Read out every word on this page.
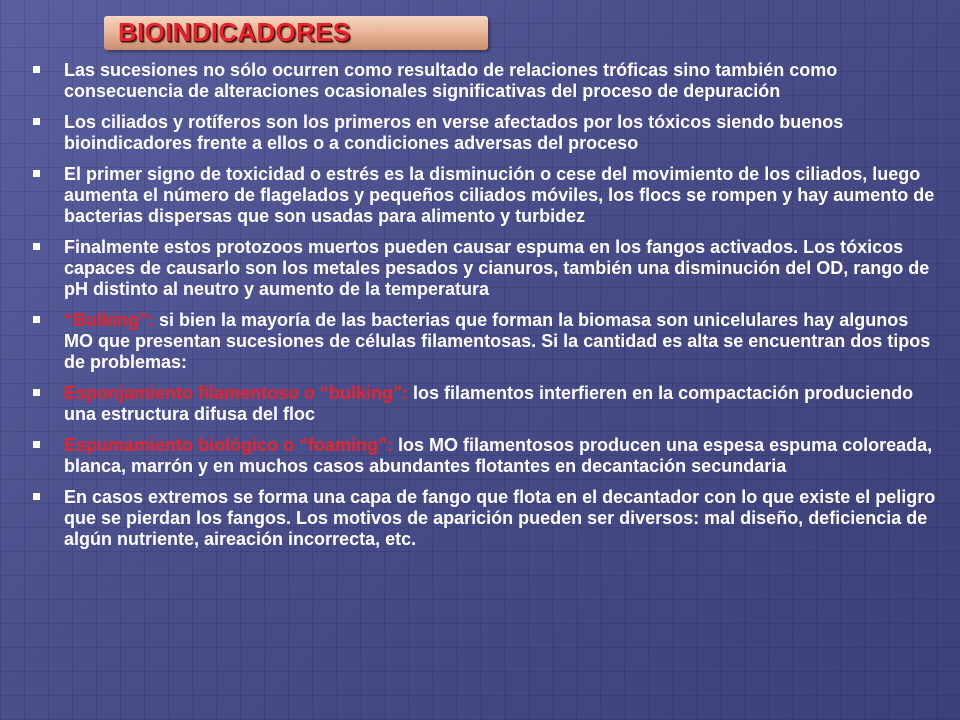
BIOINDICADORES
Las sucesiones no sólo ocurren como resultado de relaciones tróficas sino también como consecuencia de alteraciones ocasionales significativas del proceso de depuración
Los ciliados y rotíferos son los primeros en verse afectados por los tóxicos siendo buenos bioindicadores frente a ellos o a condiciones adversas del proceso
El primer signo de toxicidad o estrés es la disminución o cese del movimiento de los ciliados, luego aumenta el número de flagelados y pequeños ciliados móviles, los flocs se rompen y hay aumento de bacterias dispersas que son usadas para alimento y turbidez
Finalmente estos protozoos muertos pueden causar espuma en los fangos activados. Los tóxicos capaces de causarlo son los metales pesados y cianuros, también una disminución del OD, rango de pH distinto al neutro y aumento de la temperatura
“Bulking”: si bien la mayoría de las bacterias que forman la biomasa son unicelulares hay algunos MO que presentan sucesiones de células filamentosas. Si la cantidad es alta se encuentran dos tipos de problemas:
Esponjamiento filamentoso o “bulking”: los filamentos interfieren en la compactación produciendo una estructura difusa del floc
Espumamiento biológico o “foaming”: los MO filamentosos producen una espesa espuma coloreada, blanca, marrón y en muchos casos abundantes flotantes en decantación secundaria
En casos extremos se forma una capa de fango que flota en el decantador con lo que existe el peligro que se pierdan los fangos. Los motivos de aparición pueden ser diversos: mal diseño, deficiencia de algún nutriente, aireación incorrecta, etc.
